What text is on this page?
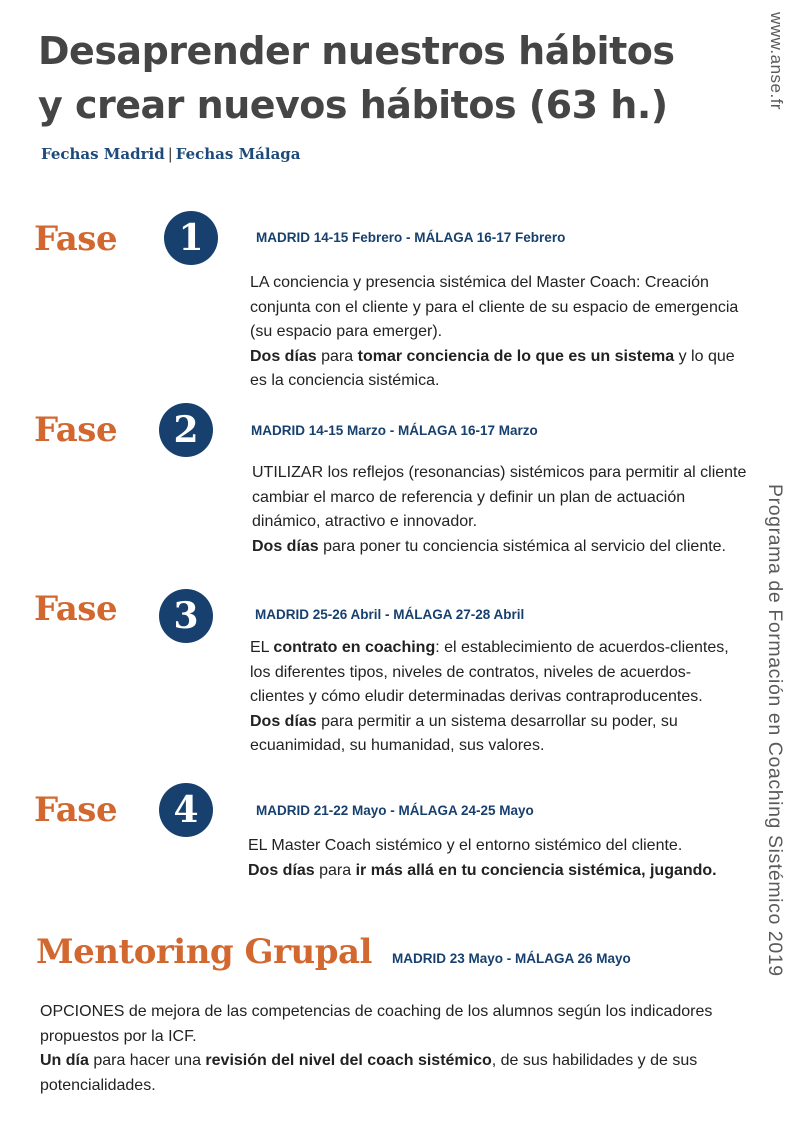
Desaprender nuestros hábitos
y crear nuevos hábitos (63 h.)
Fechas Madrid | Fechas Málaga
www.anse.fr
Programa de Formación en Coaching Sistémico 2019
Fase	1	MADRID 14-15 Febrero - MÁLAGA 16-17 Febrero

LA conciencia y presencia sistémica del Master Coach: Creación conjunta con el cliente y para el cliente de su espacio de emergencia (su espacio para emerger).

Dos días para tomar conciencia de lo que es un sistema y lo que es la conciencia sistémica.

Fase	2	MADRID 14-15 Marzo - MÁLAGA 16-17 Marzo

UTILIZAR los reflejos (resonancias) sistémicos para permitir al cliente cambiar el marco de referencia y definir un plan de actuación dinámico, atractivo e innovador.

Dos días para poner tu conciencia sistémica al servicio del cliente.

Fase	3	MADRID 25-26 Abril - MÁLAGA 27-28 Abril

EL contrato en coaching: el establecimiento de acuerdos-clientes, los diferentes tipos, niveles de contratos, niveles de acuerdos-clientes y cómo eludir determinadas derivas contraproducentes.

Dos días para permitir a un sistema desarrollar su poder, su ecuanimidad, su humanidad, sus valores.

Fase	4	MADRID 21-22 Mayo - MÁLAGA 24-25 Mayo

EL Master Coach sistémico y el entorno sistémico del cliente.

Dos días para ir más allá en tu conciencia sistémica, jugando.

Mentoring Grupal MADRID 23 Mayo - MÁLAGA 26 Mayo

OPCIONES de mejora de las competencias de coaching de los alumnos según los indicadores propuestos por la ICF.

Un día para hacer una revisión del nivel del coach sistémico, de sus habilidades y de sus potencialidades.
